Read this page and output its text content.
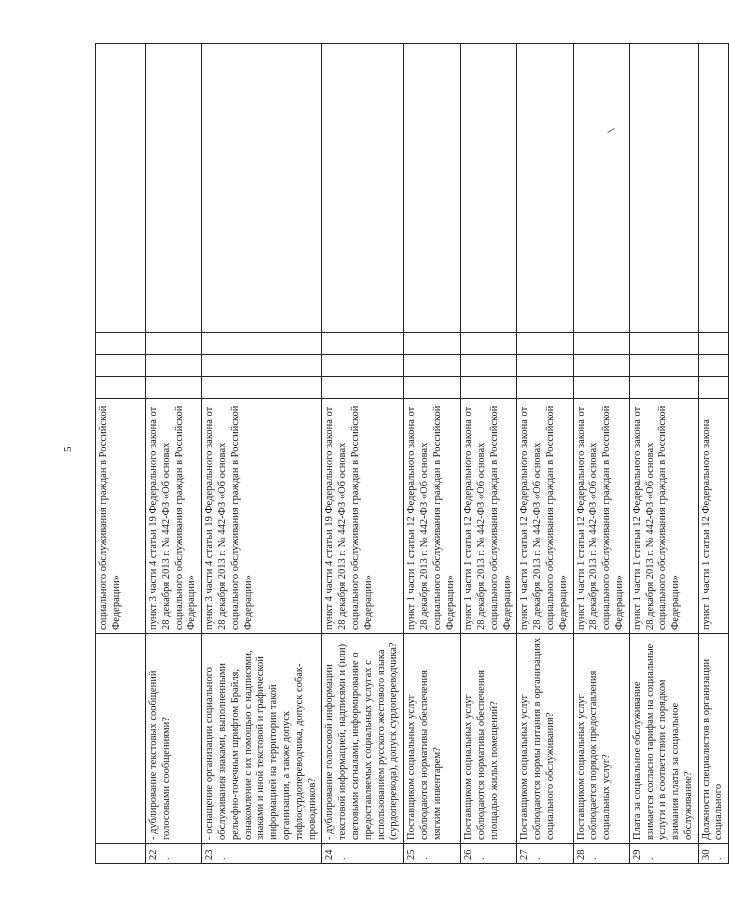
5
		социального обслуживания граждан в Российской Федерации»				
22.	- дублирование текстовых сообщений голосовыми сообщениями?	пункт 3 части 4 статьи 19 Федерального закона от 28 декабря 2013 г. № 442-ФЗ «Об основах социального обслуживания граждан в Российской Федерации»				
23.	- оснащение организации социального обслуживания знаками, выполненными рельефно-точечным шрифтом Брайля, ознакомление с их помощью с надписями, знаками и иной текстовой и графической информацией на территории такой организации, а также допуск тифлосурдопереводчика, допуск собак-проводников?	пункт 3 части 4 статьи 19 Федерального закона от 28 декабря 2013 г. № 442-ФЗ «Об основах социального обслуживания граждан в Российской Федерации»				
24.	- дублирование голосовой информации текстовой информацией, надписями и (или) световыми сигналами, информирование о предоставляемых социальных услугах с использованием русского жестового языка (сурдоперевода), допуск сурдопереводчика?	пункт 4 части 4 статьи 19 Федерального закона от 28 декабря 2013 г. № 442-ФЗ «Об основах социального обслуживания граждан в Российской Федерации»				
25.	Поставщиком социальных услуг соблюдаются нормативы обеспечения мягким инвентарем?	пункт 1 части 1 статьи 12 Федерального закона от 28 декабря 2013 г. № 442-ФЗ «Об основах социального обслуживания граждан в Российской Федерации»				
26.	Поставщиком социальных услуг соблюдаются нормативы обеспечения площадью жилых помещений?	пункт 1 части 1 статьи 12 Федерального закона от 28 декабря 2013 г. № 442-ФЗ «Об основах социального обслуживания граждан в Российской Федерации»				
27.	Поставщиком социальных услуг соблюдаются нормы питания в организациях социального обслуживания?	пункт 1 части 1 статьи 12 Федерального закона от 28 декабря 2013 г. № 442-ФЗ «Об основах социального обслуживания граждан в Российской Федерации»				
28.	Поставщиком социальных услуг соблюдается порядок предоставления социальных услуг?	пункт 1 части 1 статьи 12 Федерального закона от 28 декабря 2013 г. № 442-ФЗ «Об основах социального обслуживания граждан в Российской Федерации»				
29.	Плата за социальное обслуживание взимается согласно тарифам на социальные услуги и в соответствии с порядком взимания платы за социальное обслуживание?	пункт 1 части 1 статьи 12 Федерального закона от 28 декабря 2013 г. № 442-ФЗ «Об основах социального обслуживания граждан в Российской Федерации»				
30.	Должности специалистов в организации социального	пункт 1 части 1 статьи 12 Федерального закона				
